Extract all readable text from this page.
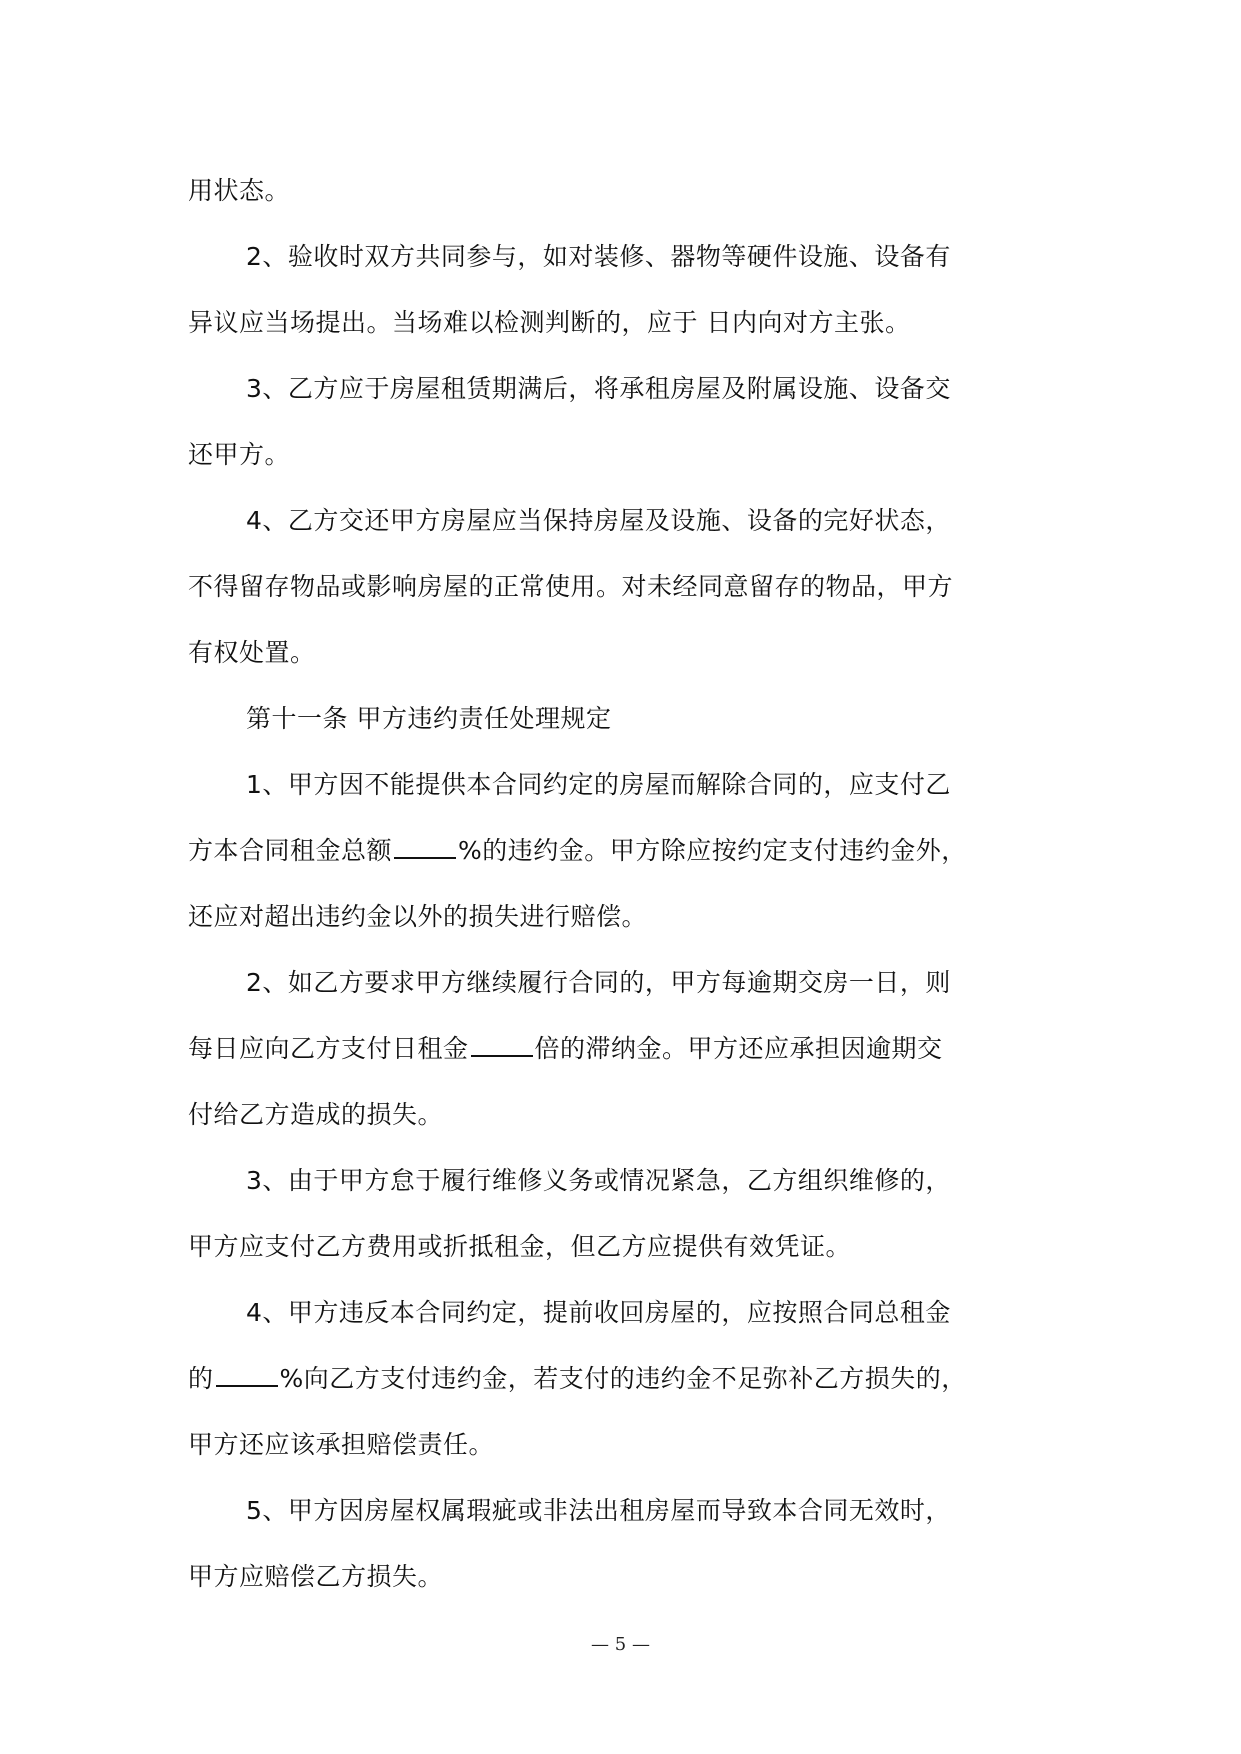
用状态。
2、验收时双方共同参与，如对装修、器物等硬件设施、设备有
异议应当场提出。当场难以检测判断的，应于 日内向对方主张。
3、乙方应于房屋租赁期满后，将承租房屋及附属设施、设备交
还甲方。
4、乙方交还甲方房屋应当保持房屋及设施、设备的完好状态，
不得留存物品或影响房屋的正常使用。对未经同意留存的物品，甲方
有权处置。
第十一条 甲方违约责任处理规定
1、甲方因不能提供本合同约定的房屋而解除合同的，应支付乙
方本合同租金总额	%的违约金。甲方除应按约定支付违约金外，
还应对超出违约金以外的损失进行赔偿。
2、如乙方要求甲方继续履行合同的，甲方每逾期交房一日，则
每日应向乙方支付日租金	倍的滞纳金。甲方还应承担因逾期交
付给乙方造成的损失。
3、由于甲方怠于履行维修义务或情况紧急，乙方组织维修的，
甲方应支付乙方费用或折抵租金，但乙方应提供有效凭证。
4、甲方违反本合同约定，提前收回房屋的，应按照合同总租金
的	%向乙方支付违约金，若支付的违约金不足弥补乙方损失的，
甲方还应该承担赔偿责任。
5、甲方因房屋权属瑕疵或非法出租房屋而导致本合同无效时，
甲方应赔偿乙方损失。
— 5 —
